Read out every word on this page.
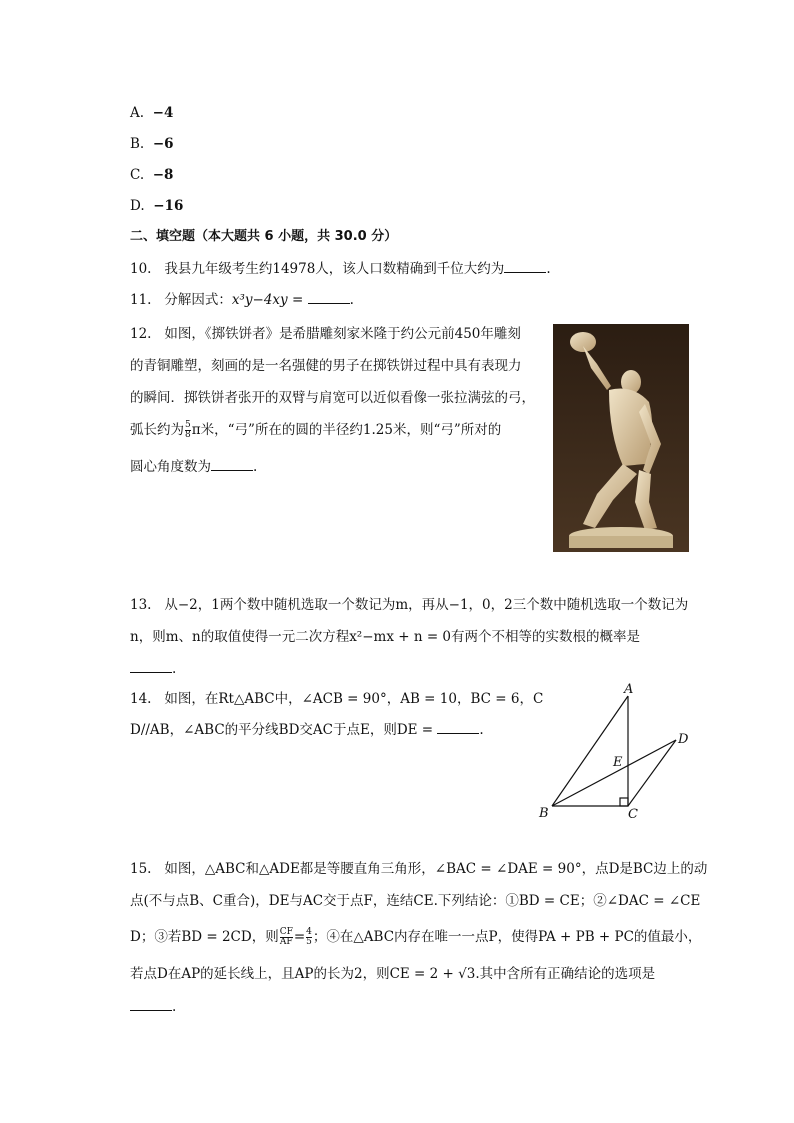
A. −4
B. −6
C. −8
D. −16
二、填空题（本大题共 6 小题，共 30.0 分）
10. 我县九年级考生约14978人，该人口数精确到千位大约为	.
11. 分解因式：x³y−4xy =	.
12. 如图，《掷铁饼者》是希腊雕刻家米隆于约公元前450年雕刻
的青铜雕塑，刻画的是一名强健的男子在掷铁饼过程中具有表现力
的瞬间．掷铁饼者张开的双臂与肩宽可以近似看像一张拉满弦的弓，
弧长约为 $\frac{5}{8}$ π米，“弓”所在的圆的半径约1.25米，则“弓”所对的
圆心角度数为	.
13. 从−2，1两个数中随机选取一个数记为m，再从−1，0，2三个数中随机选取一个数记为
n，则m、n的取值使得一元二次方程x²−mx + n = 0有两个不相等的实数根的概率是
.
14. 如图，在Rt△ABC中，∠ACB = 90°，AB = 10，BC = 6，C
D//AB，∠ABC的平分线BD交AC于点E，则DE =	.
A
B	C
D
E
15. 如图，△ABC和△ADE都是等腰直角三角形，∠BAC = ∠DAE = 90°，点D是BC边上的动
点(不与点B、C重合)，DE与AC交于点F，连结CE.下列结论：①BD = CE；②∠DAC = ∠CE
D；③若BD = 2CD，则 $\frac{CF}{AF} = \frac{4}{5}$ ；④在△ABC内存在唯一一点P，使得PA + PB + PC的值最小，
若点D在AP的延长线上，且AP的长为2，则CE = 2 + √3.其中含所有正确结论的选项是
.
